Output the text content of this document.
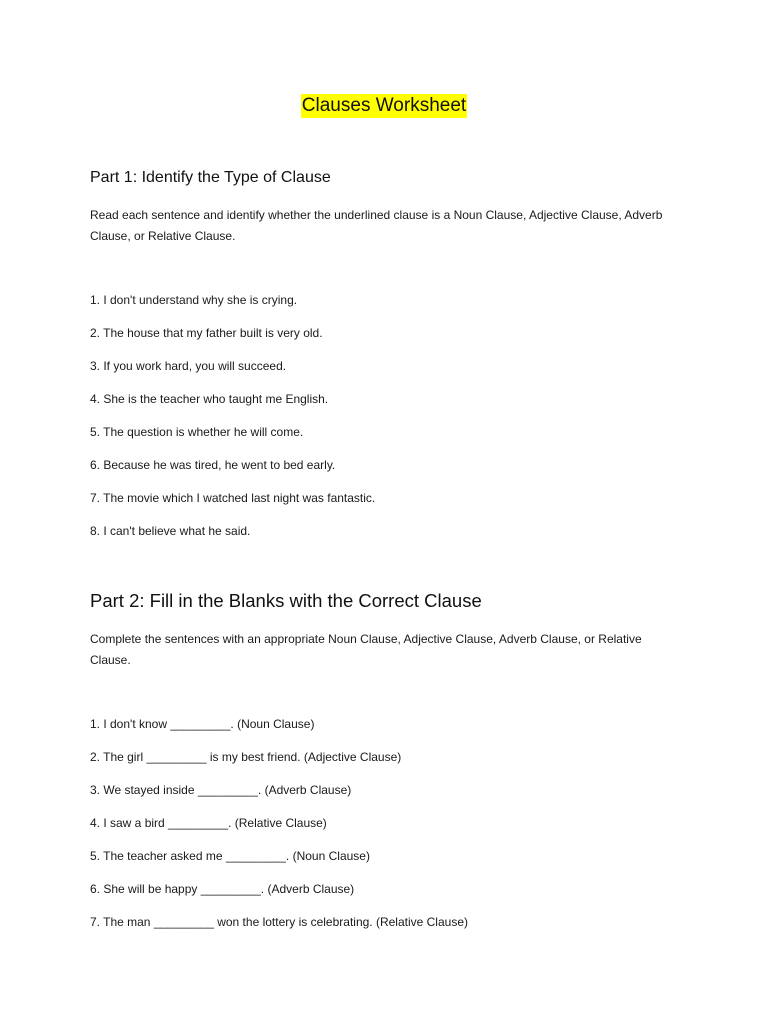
Clauses Worksheet
Part 1: Identify the Type of Clause
Read each sentence and identify whether the underlined clause is a Noun Clause, Adjective Clause, Adverb Clause, or Relative Clause.
1. I don't understand why she is crying.
2. The house that my father built is very old.
3. If you work hard, you will succeed.
4. She is the teacher who taught me English.
5. The question is whether he will come.
6. Because he was tired, he went to bed early.
7. The movie which I watched last night was fantastic.
8. I can't believe what he said.
Part 2: Fill in the Blanks with the Correct Clause
Complete the sentences with an appropriate Noun Clause, Adjective Clause, Adverb Clause, or Relative Clause.
1. I don't know _________. (Noun Clause)
2. The girl _________ is my best friend. (Adjective Clause)
3. We stayed inside _________. (Adverb Clause)
4. I saw a bird _________. (Relative Clause)
5. The teacher asked me _________. (Noun Clause)
6. She will be happy _________. (Adverb Clause)
7. The man _________ won the lottery is celebrating. (Relative Clause)
